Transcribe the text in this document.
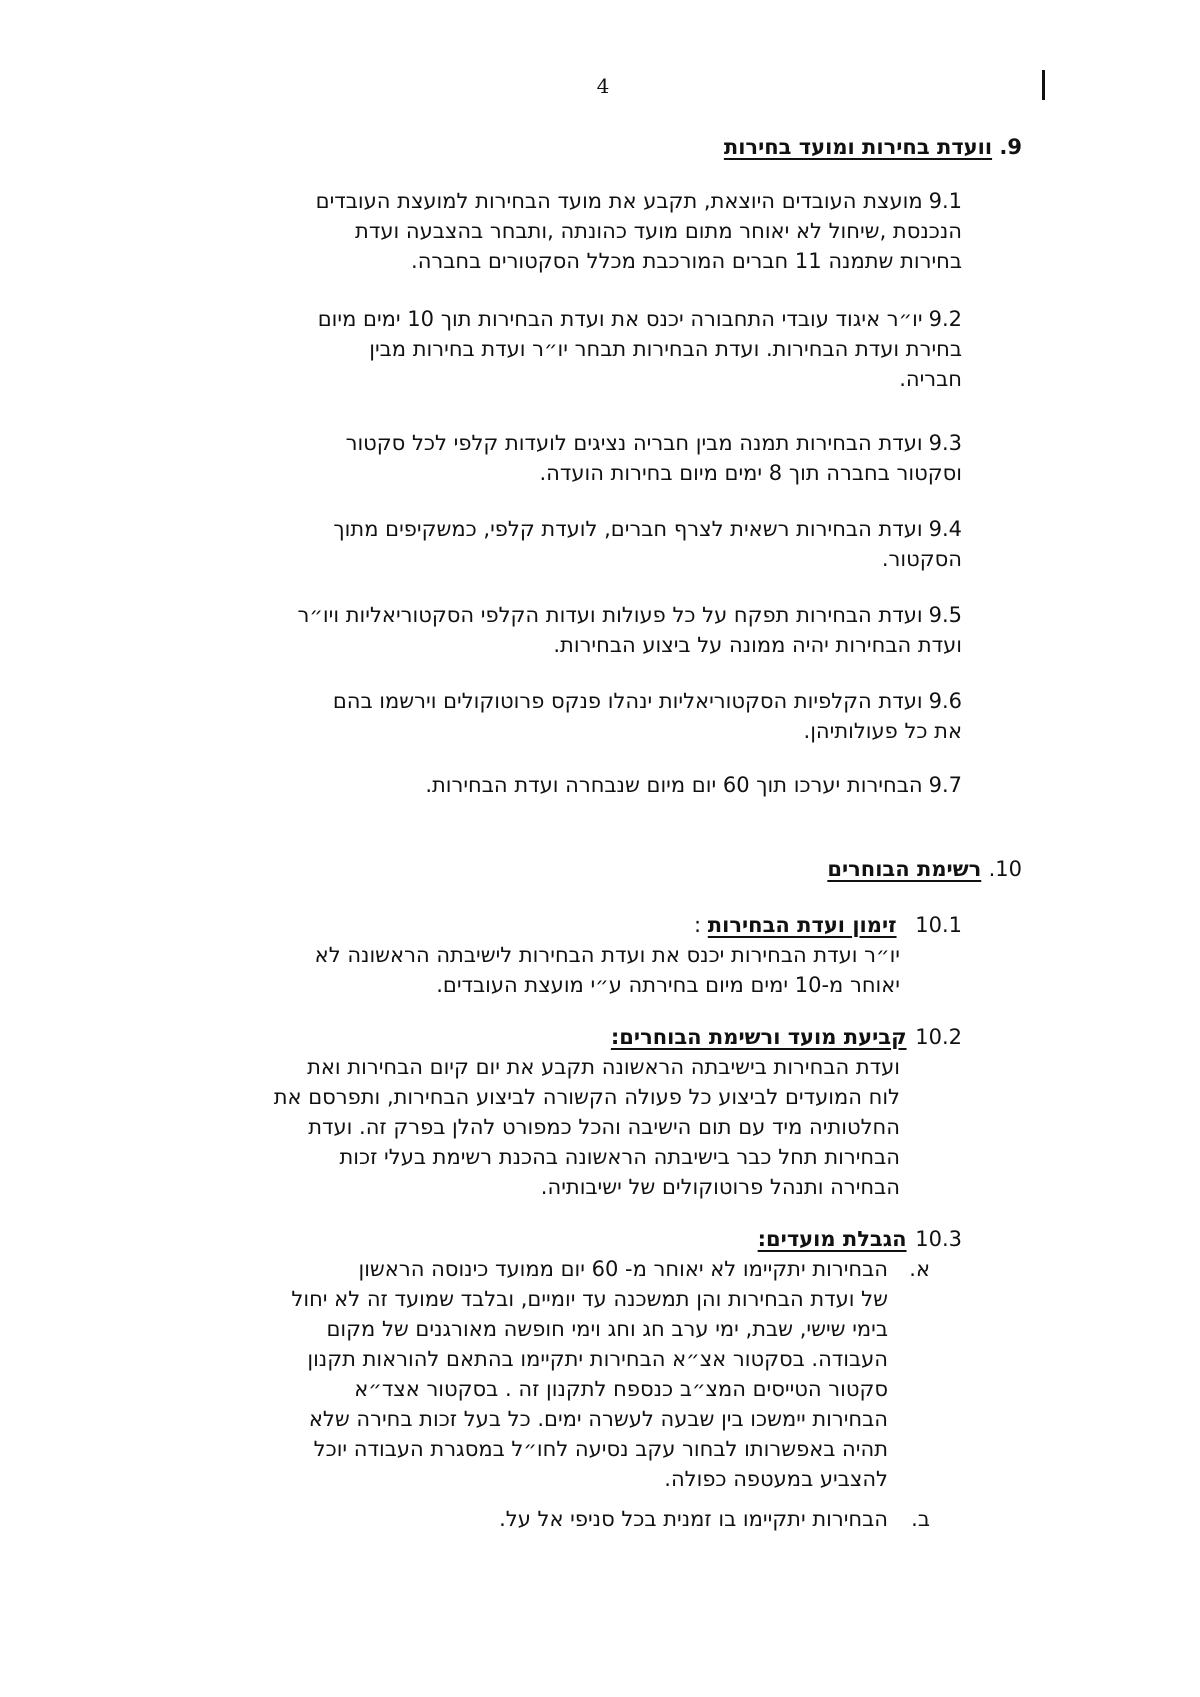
4
9. וועדת בחירות ומועד בחירות
9.1
מועצת העובדים היוצאת, תקבע את מועד הבחירות למועצת העובדים
הנכנסת ,שיחול לא יאוחר מתום מועד כהונתה ,ותבחר בהצבעה ועדת
בחירות שתמנה 11 חברים המורכבת מכלל הסקטורים בחברה.
9.2
יו״ר איגוד עובדי התחבורה יכנס את ועדת הבחירות תוך 10 ימים מיום
בחירת ועדת הבחירות. ועדת הבחירות תבחר יו״ר ועדת בחירות מבין
חבריה.
9.3
ועדת הבחירות תמנה מבין חבריה נציגים לועדות קלפי לכל סקטור
וסקטור בחברה תוך 8 ימים מיום בחירות הועדה.
9.4
ועדת הבחירות רשאית לצרף חברים, לועדת קלפי, כמשקיפים מתוך
הסקטור.
9.5
ועדת הבחירות תפקח על כל פעולות ועדות הקלפי הסקטוריאליות ויו״ר
ועדת הבחירות יהיה ממונה על ביצוע הבחירות.
9.6
ועדת הקלפיות הסקטוריאליות ינהלו פנקס פרוטוקולים וירשמו בהם
את כל פעולותיהן.
9.7
הבחירות יערכו תוך 60 יום מיום שנבחרה ועדת הבחירות.
10. רשימת הבוחרים
10.1 זימון ועדת הבחירות :
יו״ר ועדת הבחירות יכנס את ועדת הבחירות לישיבתה הראשונה לא
יאוחר מ-10 ימים מיום בחירתה ע״י מועצת העובדים.
10.2 קביעת מועד ורשימת הבוחרים:
ועדת הבחירות בישיבתה הראשונה תקבע את יום קיום הבחירות ואת
לוח המועדים לביצוע כל פעולה הקשורה לביצוע הבחירות, ותפרסם את
החלטותיה מיד עם תום הישיבה והכל כמפורט להלן בפרק זה. ועדת
הבחירות תחל כבר בישיבתה הראשונה בהכנת רשימת בעלי זכות
הבחירה ותנהל פרוטוקולים של ישיבותיה.
10.3 הגבלת מועדים:
א.
הבחירות יתקיימו לא יאוחר מ- 60 יום ממועד כינוסה הראשון
של ועדת הבחירות והן תמשכנה עד יומיים, ובלבד שמועד זה לא יחול
בימי שישי, שבת, ימי ערב חג וחג וימי חופשה מאורגנים של מקום
העבודה. בסקטור אצ״א הבחירות יתקיימו בהתאם להוראות תקנון
סקטור הטייסים המצ״ב כנספח לתקנון זה . בסקטור אצד״א
הבחירות יימשכו בין שבעה לעשרה ימים. כל בעל זכות בחירה שלא
תהיה באפשרותו לבחור עקב נסיעה לחו״ל במסגרת העבודה יוכל
להצביע במעטפה כפולה.
ב.
הבחירות יתקיימו בו זמנית בכל סניפי אל על.
